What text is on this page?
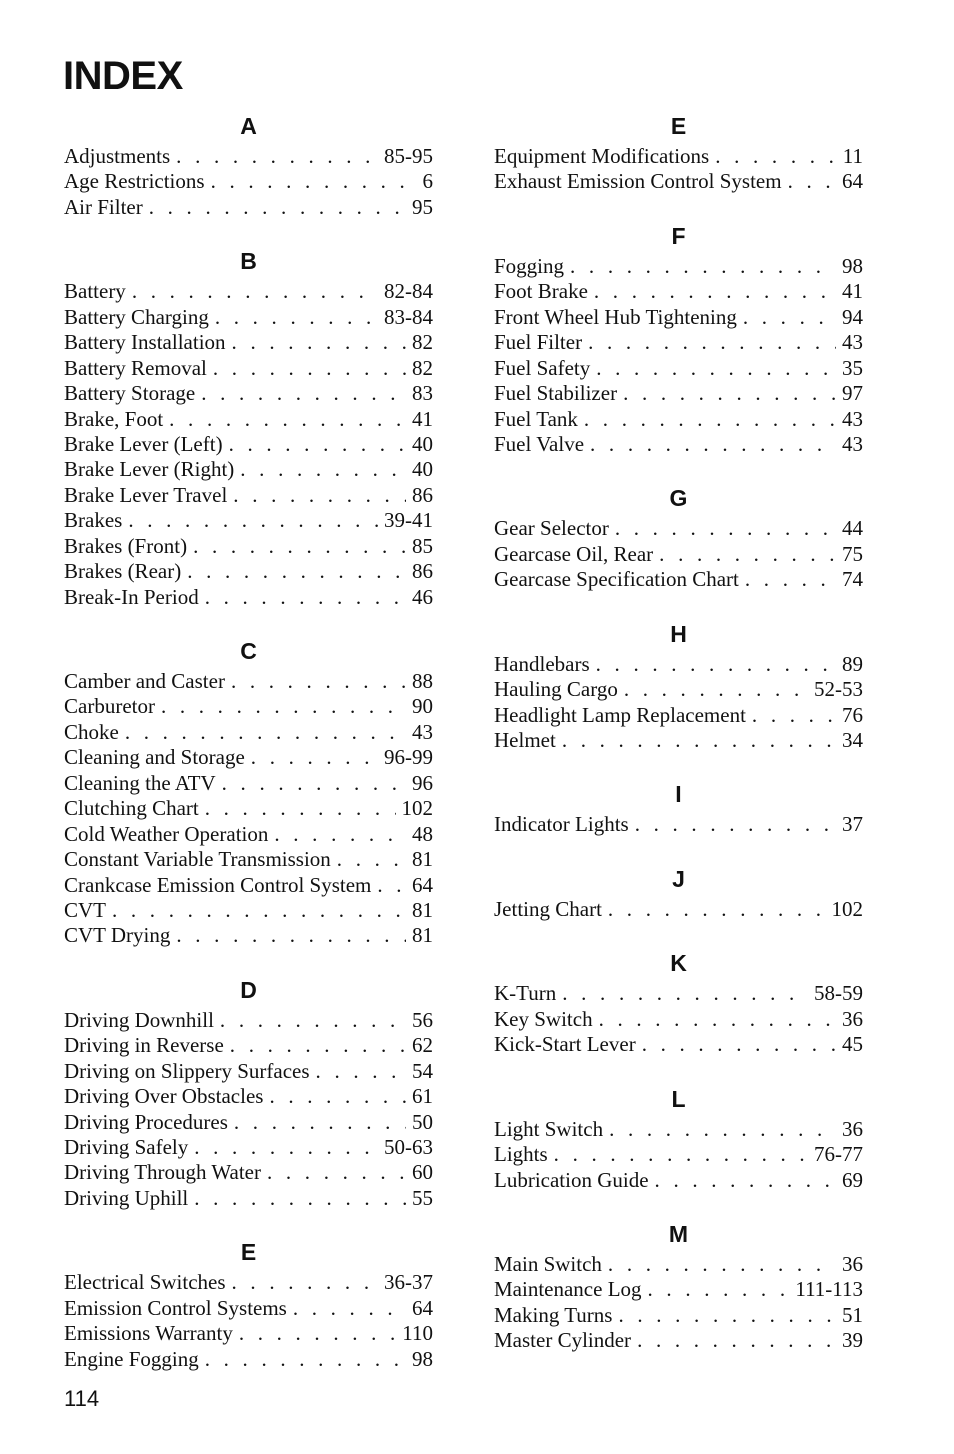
INDEX
A
Adjustments . . .	85-95
Age Restrictions . . .	6
Air Filter . . .	95
B
Battery . . .	82-84
Battery Charging . . .	83-84
Battery Installation . . .	82
Battery Removal . . .	82
Battery Storage . . .	83
Brake, Foot . . .	41
Brake Lever (Left) . . .	40
Brake Lever (Right) . . .	40
Brake Lever Travel . . .	86
Brakes . . .	39-41
Brakes (Front) . . .	85
Brakes (Rear) . . .	86
Break-In Period . . .	46
C
Camber and Caster . . .	88
Carburetor . . .	90
Choke . . .	43
Cleaning and Storage . . .	96-99
Cleaning the ATV . . .	96
Clutching Chart . . .	102
Cold Weather Operation . . .	48
Constant Variable Transmission . . .	81
Crankcase Emission Control System . . . 64
CVT . . .	81
CVT Drying . . .	81
D
Driving Downhill . . .	56
Driving in Reverse . . .	62
Driving on Slippery Surfaces . . .	54
Driving Over Obstacles . . .	61
Driving Procedures . . .	50
Driving Safely . . .	50-63
Driving Through Water . . .	60
Driving Uphill . . .	55
E
Electrical Switches . . .	36-37
Emission Control Systems . . .	64
Emissions Warranty . . .	110
Engine Fogging . . .	98
E
Equipment Modifications . . .	11
Exhaust Emission Control System . . .	64
F
Fogging . . .	98
Foot Brake . . .	41
Front Wheel Hub Tightening . . .	94
Fuel Filter . . .	43
Fuel Safety . . .	35
Fuel Stabilizer . . .	97
Fuel Tank . . .	43
Fuel Valve . . .	43
G
Gear Selector . . .	44
Gearcase Oil, Rear . . .	75
Gearcase Specification Chart . . .	74
H
Handlebars . . .	89
Hauling Cargo . . .	52-53
Headlight Lamp Replacement . . .	76
Helmet . . .	34
I
Indicator Lights . . .	37
J
Jetting Chart . . .	102
K
K-Turn . . .	58-59
Key Switch . . .	36
Kick-Start Lever . . .	45
L
Light Switch . . .	36
Lights . . .	76-77
Lubrication Guide . . .	69
M
Main Switch . . .	36
Maintenance Log . . .	111-113
Making Turns . . .	51
Master Cylinder . . .	39
114
